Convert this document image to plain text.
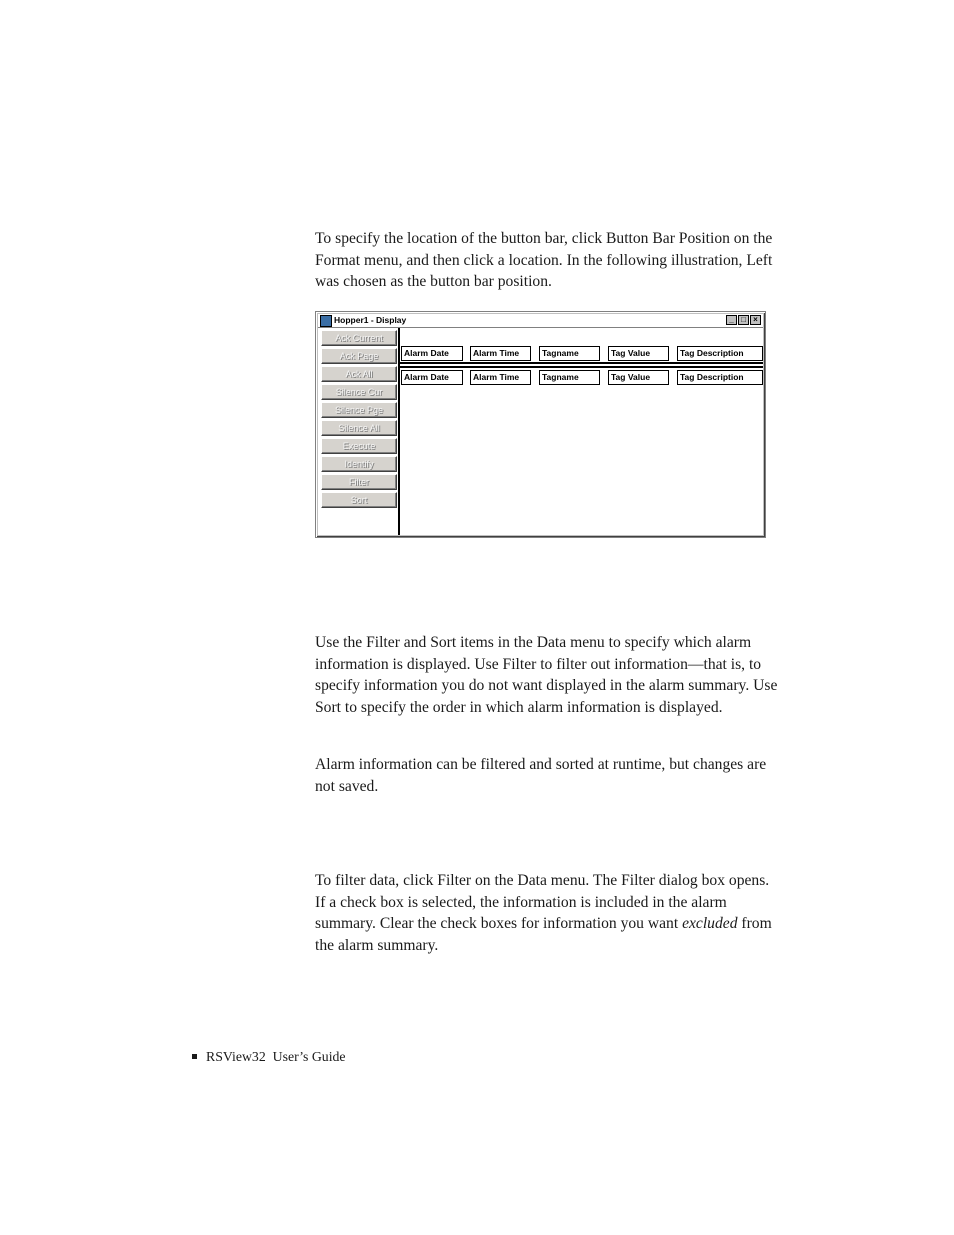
To specify the location of the button bar, click Button Bar Position on the Format menu, and then click a location. In the following illustration, Left was chosen as the button bar position.

Hopper1 - Display	_ □ ×
Ack Current
Ack Page
Ack All
Silence Cur
Silence Pge
Silence All
Execute
Identify
Filter
Sort
Alarm Date	Alarm Time	Tagname	Tag Value	Tag Description
Alarm Date	Alarm Time	Tagname	Tag Value	Tag Description

Use the Filter and Sort items in the Data menu to specify which alarm information is displayed. Use Filter to filter out information—that is, to specify information you do not want displayed in the alarm summary. Use Sort to specify the order in which alarm information is displayed.

Alarm information can be filtered and sorted at runtime, but changes are not saved.

To filter data, click Filter on the Data menu. The Filter dialog box opens. If a check box is selected, the information is included in the alarm summary. Clear the check boxes for information you want excluded from the alarm summary.

RSView32  User’s Guide
